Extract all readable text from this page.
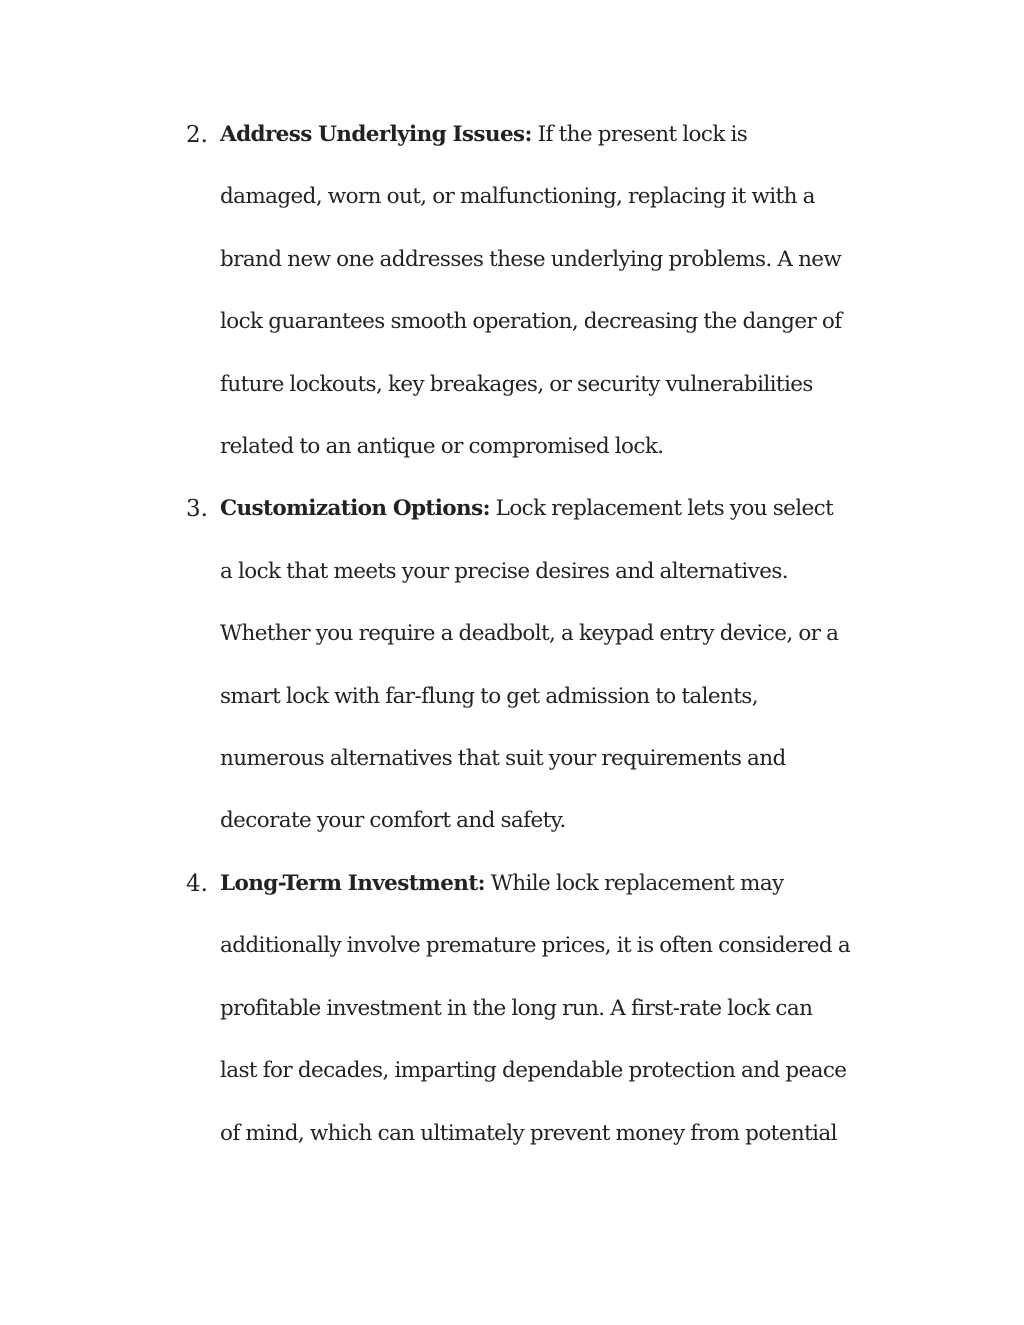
2. Address Underlying Issues: If the present lock is
damaged, worn out, or malfunctioning, replacing it with a
brand new one addresses these underlying problems. A new
lock guarantees smooth operation, decreasing the danger of
future lockouts, key breakages, or security vulnerabilities
related to an antique or compromised lock.
3. Customization Options: Lock replacement lets you select
a lock that meets your precise desires and alternatives.
Whether you require a deadbolt, a keypad entry device, or a
smart lock with far-flung to get admission to talents,
numerous alternatives that suit your requirements and
decorate your comfort and safety.
4. Long-Term Investment: While lock replacement may
additionally involve premature prices, it is often considered a
profitable investment in the long run. A first-rate lock can
last for decades, imparting dependable protection and peace
of mind, which can ultimately prevent money from potential
